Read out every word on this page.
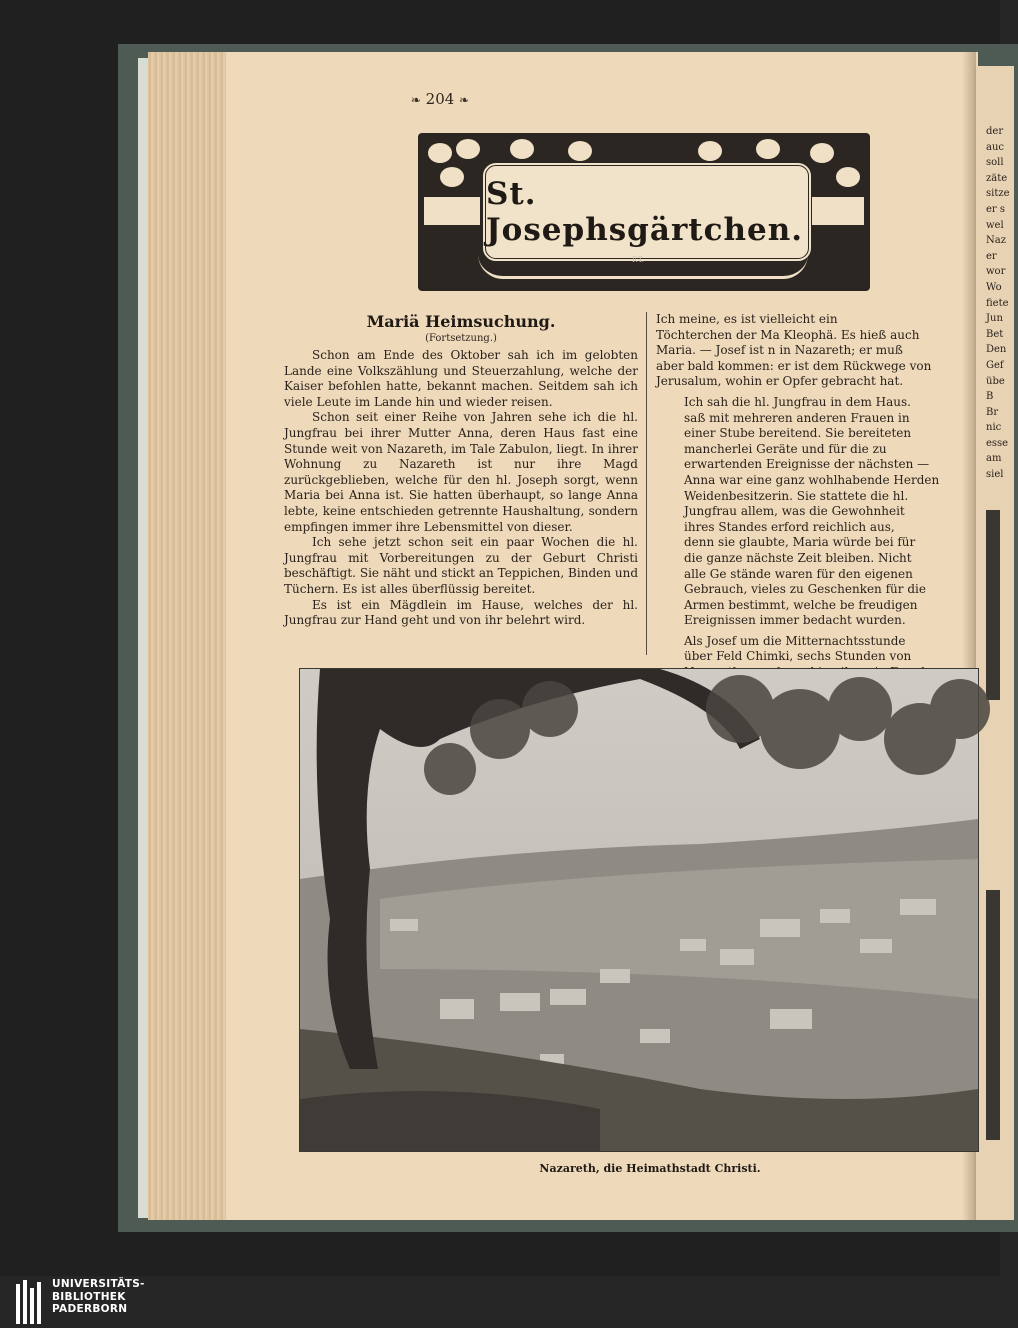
der
auc
soll
zäte
sitze
er s
wel
Naz
er
wor
Wo
fiete
Jun
Bet
Den
Gef
übe
B
Br
nic
esse
am
siel
❧ 204 ❧
St. Josephsgärtchen.
F.T.

Mariä Heimsuchung.

(Fortsetzung.)

Schon am Ende des Oktober sah ich im gelobten Lande eine Volkszählung und Steuerzahlung, welche der Kaiser befohlen hatte, bekannt machen. Seitdem sah ich viele Leute im Lande hin und wieder reisen.

Schon seit einer Reihe von Jahren sehe ich die hl. Jungfrau bei ihrer Mutter Anna, deren Haus fast eine Stunde weit von Nazareth, im Tale Zabulon, liegt. In ihrer Wohnung zu Nazareth ist nur ihre Magd zurückgeblieben, welche für den hl. Joseph sorgt, wenn Maria bei Anna ist. Sie hatten überhaupt, so lange Anna lebte, keine entschieden getrennte Haushaltung, sondern empfingen immer ihre Lebensmittel von dieser.

Ich sehe jetzt schon seit ein paar Wochen die hl. Jungfrau mit Vorbereitungen zu der Geburt Christi beschäftigt. Sie näht und stickt an Teppichen, Binden und Tüchern. Es ist alles überflüssig bereitet.

Es ist ein Mägdlein im Hause, welches der hl. Jungfrau zur Hand geht und von ihr belehrt wird.

Ich meine, es ist vielleicht ein
Töchterchen der Ma Kleophä. Es hieß auch
Maria. — Josef ist n in Nazareth; er muß
aber bald kommen: er ist dem Rückwege von
Jerusalum, wohin er Opfer gebracht hat.

Ich sah die hl. Jungfrau in dem Haus.
saß mit mehreren anderen Frauen in
einer Stube bereitend. Sie bereiteten
mancherlei Geräte und für die zu
erwartenden Ereignisse der nächsten —
Anna war eine ganz wohlhabende Herden
Weidenbesitzerin. Sie stattete die hl.
Jungfrau allem, was die Gewohnheit
ihres Standes erford reichlich aus,
denn sie glaubte, Maria würde bei für
die ganze nächste Zeit bleiben. Nicht
alle Ge stände waren für den eigenen
Gebrauch, vieles zu Geschenken für die
Armen bestimmt, welche be freudigen
Ereignissen immer bedacht wurden.

Als Josef um die Mitternachtsstunde
über Feld Chimki, sechs Stunden von

Nazareth, die Heimathstadt Christi.
UNIVERSITÄTS-
BIBLIOTHEK
PADERBORN
